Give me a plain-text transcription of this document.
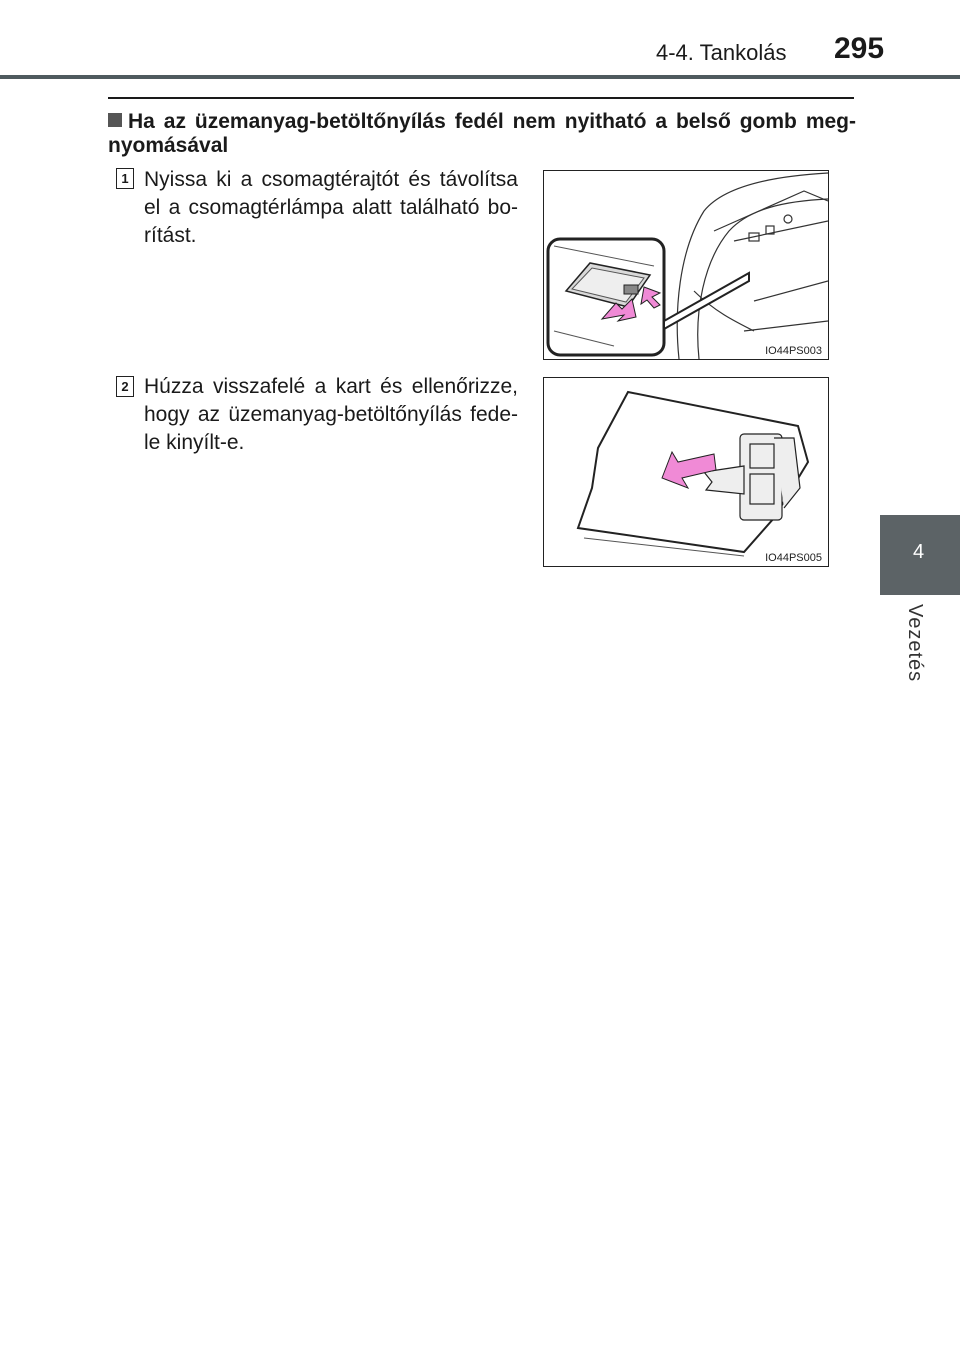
4-4. Tankolás 295
4
Vezetés

Ha az üzemanyag-betöltőnyílás fedél nem nyitható a belső gomb meg-nyomásával

1 Nyissa ki a csomagtérajtót és távolítsa el a csomagtérlámpa alatt található bo-rítást.

IO44PS003
2 Húzza visszafelé a kart és ellenőrizze, hogy az üzemanyag-betöltőnyílás fede-le kinyílt-e.

IO44PS005
